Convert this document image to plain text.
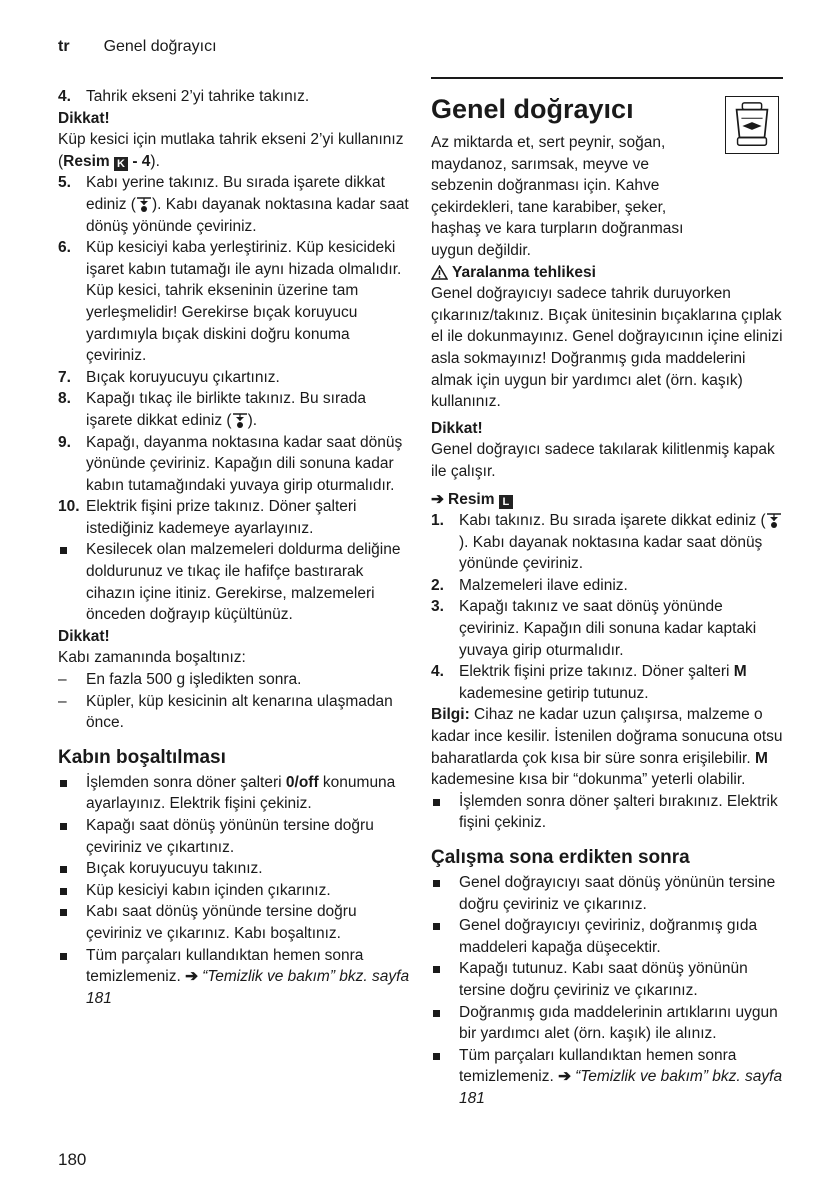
tr Genel doğrayıcı
4. Tahrik ekseni 2’yi tahrike takınız.

Dikkat!

Küp kesici için mutlaka tahrik ekseni 2’yi kullanınız (Resim K - 4).

5. Kabı yerine takınız. Bu sırada işarete dikkat ediniz ( ). Kabı dayanak noktasına kadar saat dönüş yönünde çeviriniz.
6. Küp kesiciyi kaba yerleştiriniz. Küp kesicideki işaret kabın tutamağı ile aynı hizada olmalıdır. Küp kesici, tahrik ekseninin üzerine tam yerleşmelidir! Gerekirse bıçak koruyucu yardımıyla bıçak diskini doğru konuma çeviriniz.
7. Bıçak koruyucuyu çıkartınız.
8. Kapağı tıkaç ile birlikte takınız. Bu sırada işarete dikkat ediniz ( ).
9. Kapağı, dayanma noktasına kadar saat dönüş yönünde çeviriniz. Kapağın dili sonuna kadar kabın tutamağındaki yuvaya girip oturmalıdır.
10. Elektrik fişini prize takınız. Döner şalteri istediğiniz kademeye ayarlayınız.
Kesilecek olan malzemeleri doldurma deliğine doldurunuz ve tıkaç ile hafifçe bastırarak cihazın içine itiniz. Gerekirse, malzemeleri önceden doğrayıp küçültünüz.

Dikkat!

Kabı zamanında boşaltınız:

– En fazla 500 g işledikten sonra.
– Küpler, küp kesicinin alt kenarına ulaşmadan önce.
Kabın boşaltılması
İşlemden sonra döner şalteri 0/off konumuna ayarlayınız. Elektrik fişini çekiniz.
Kapağı saat dönüş yönünün tersine doğru çeviriniz ve çıkartınız.
Bıçak koruyucuyu takınız.
Küp kesiciyi kabın içinden çıkarınız.
Kabı saat dönüş yönünde tersine doğru çeviriniz ve çıkarınız. Kabı boşaltınız.
Tüm parçaları kullandıktan hemen sonra temizlemeniz. ➔ “Temizlik ve bakım” bkz. sayfa 181
Genel doğrayıcı

Az miktarda et, sert peynir, soğan, maydanoz, sarımsak, meyve ve sebzenin doğranması için. Kahve çekirdekleri, tane karabiber, şeker, haşhaş ve kara turpların doğranması uygun değildir.

Yaralanma tehlikesi

Genel doğrayıcıyı sadece tahrik duruyorken çıkarınız/takınız. Bıçak ünitesinin bıçaklarına çıplak el ile dokunmayınız. Genel doğrayıcının içine elinizi asla sokmayınız! Doğranmış gıda maddelerini almak için uygun bir yardımcı alet (örn. kaşık) kullanınız.

Dikkat!

Genel doğrayıcı sadece takılarak kilitlenmiş kapak ile çalışır.

➔ Resim L

1. Kabı takınız. Bu sırada işarete dikkat ediniz (). Kabı dayanak noktasına kadar saat dönüş yönünde çeviriniz.
2. Malzemeleri ilave ediniz.
3. Kapağı takınız ve saat dönüş yönünde çeviriniz. Kapağın dili sonuna kadar kaptaki yuvaya girip oturmalıdır.
4. Elektrik fişini prize takınız. Döner şalteri M kademesine getirip tutunuz.

Bilgi: Cihaz ne kadar uzun çalışırsa, malzeme o kadar ince kesilir. İstenilen doğrama sonucuna otsu baharatlarda çok kısa bir süre sonra erişilebilir. M kademesine kısa bir “dokunma” yeterli olabilir.

İşlemden sonra döner şalteri bırakınız. Elektrik fişini çekiniz.
Çalışma sona erdikten sonra
Genel doğrayıcıyı saat dönüş yönünün tersine doğru çeviriniz ve çıkarınız.
Genel doğrayıcıyı çeviriniz, doğranmış gıda maddeleri kapağa düşecektir.
Kapağı tutunuz. Kabı saat dönüş yönünün tersine doğru çeviriniz ve çıkarınız.
Doğranmış gıda maddelerinin artıklarını uygun bir yardımcı alet (örn. kaşık) ile alınız.
Tüm parçaları kullandıktan hemen sonra temizlemeniz. ➔ “Temizlik ve bakım” bkz. sayfa 181
180
